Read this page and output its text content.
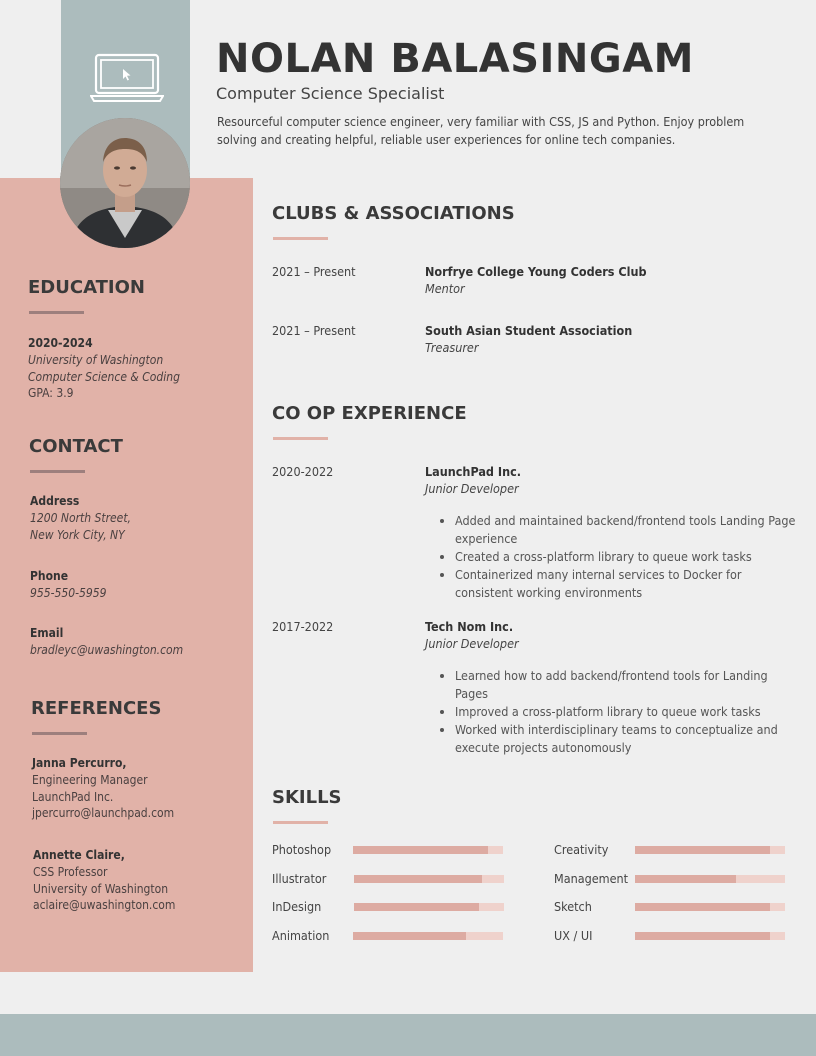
NOLAN BALASINGAM
Computer Science Specialist
Resourceful computer science engineer, very familiar with CSS, JS and Python. Enjoy problem solving and creating helpful, reliable user experiences for online tech companies.
EDUCATION
2020-2024
University of Washington
Computer Science & Coding
GPA: 3.9
CONTACT
Address
1200 North Street,
New York City, NY
Phone
955-550-5959
Email
bradleyc@uwashington.com
REFERENCES
Janna Percurro,
Engineering Manager
LaunchPad Inc.
jpercurro@launchpad.com
Annette Claire,
CSS Professor
University of Washington
aclaire@uwashington.com
CLUBS & ASSOCIATIONS
2021 – Present	Norfrye College Young Coders Club
Mentor
2021 – Present	South Asian Student Association
Treasurer
CO OP EXPERIENCE
2020-2022	LaunchPad Inc.
Junior Developer
• Added and maintained backend/frontend tools Landing Page experience
• Created a cross-platform library to queue work tasks
• Containerized many internal services to Docker for consistent working environments
2017-2022	Tech Nom Inc.
Junior Developer
• Learned how to add backend/frontend tools for Landing Pages
• Improved a cross-platform library to queue work tasks
• Worked with interdisciplinary teams to conceptualize and execute projects autonomously
SKILLS
Photoshop
Illustrator
InDesign
Animation
Creativity
Management
Sketch
UX / UI
